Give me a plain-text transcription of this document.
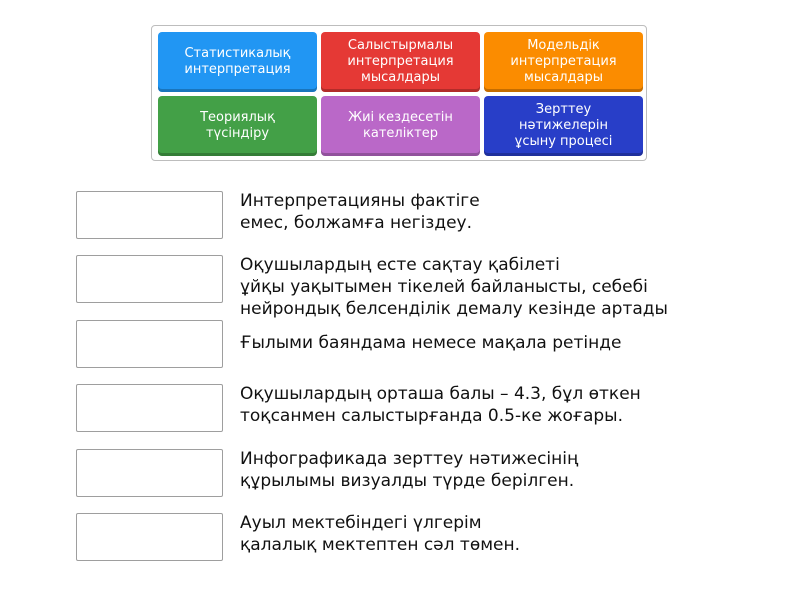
Статистикалық
интерпретация
Салыстырмалы
интерпретация
мысалдары
Модельдік
интерпретация
мысалдары
Теориялық
түсіндіру
Жиі кездесетін
кателіктер
Зерттеу
нәтижелерін
ұсыну процесі
Интерпретацияны фактіге
емес, болжамға негіздеу.
Оқушылардың есте сақтау қабілеті
ұйқы уақытымен тікелей байланысты, себебі
нейрондық белсенділік демалу кезінде артады
Ғылыми баяндама немесе мақала ретінде
Оқушылардың орташа балы – 4.3, бұл өткен
тоқсанмен салыстырғанда 0.5-ке жоғары.
Инфографикада зерттеу нәтижесінің
құрылымы визуалды түрде берілген.
Ауыл мектебіндегі үлгерім
қалалық мектептен сәл төмен.
